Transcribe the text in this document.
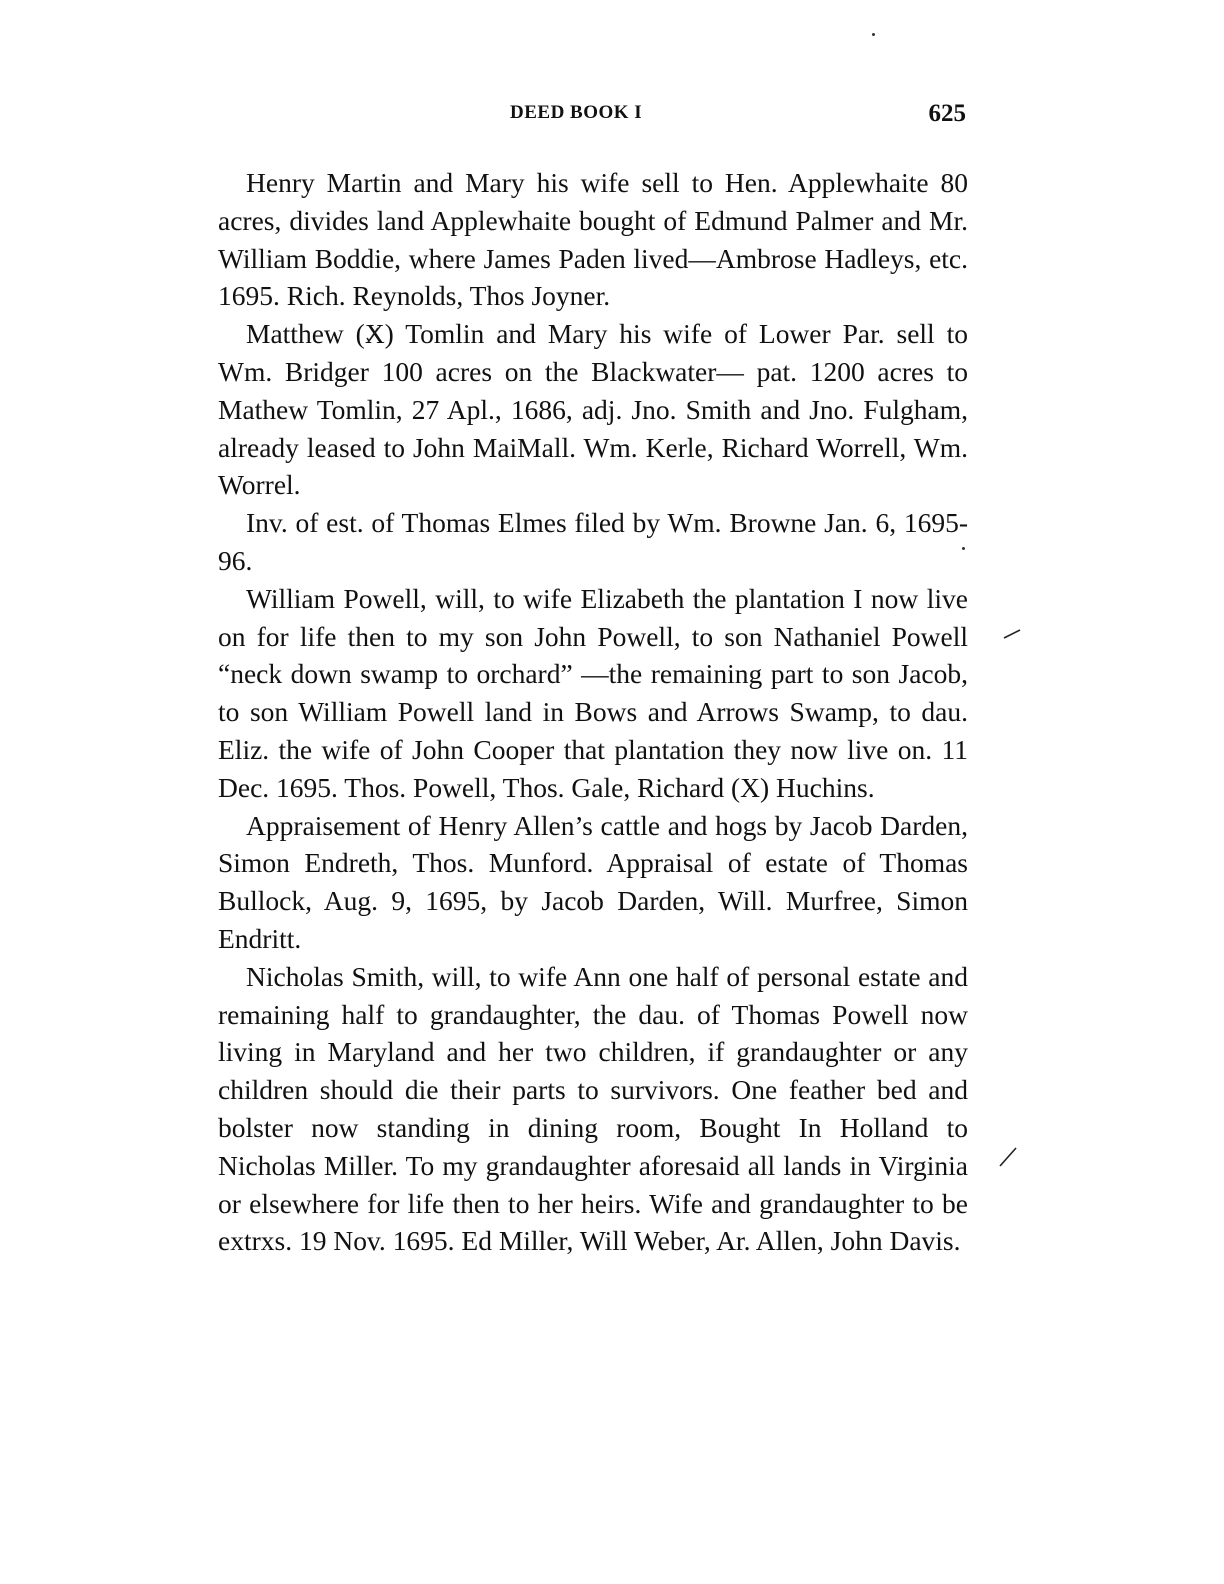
DEED BOOK I	625

Henry Martin and Mary his wife sell to Hen. Applewhaite 80 acres, divides land Applewhaite bought of Edmund Palmer and Mr. William Boddie, where James Paden lived—Ambrose Hadleys, etc. 1695. Rich. Reynolds, Thos Joyner.

Matthew (X) Tomlin and Mary his wife of Lower Par. sell to Wm. Bridger 100 acres on the Blackwater— pat. 1200 acres to Mathew Tomlin, 27 Apl., 1686, adj. Jno. Smith and Jno. Fulgham, already leased to John MaiMall. Wm. Kerle, Richard Worrell, Wm. Worrel.

Inv. of est. of Thomas Elmes filed by Wm. Browne Jan. 6, 1695-96.

William Powell, will, to wife Elizabeth the plantation I now live on for life then to my son John Powell, to son Nathaniel Powell “neck down swamp to orchard” —the remaining part to son Jacob, to son William Powell land in Bows and Arrows Swamp, to dau. Eliz. the wife of John Cooper that plantation they now live on. 11 Dec. 1695. Thos. Powell, Thos. Gale, Richard (X) Huchins.

Appraisement of Henry Allen’s cattle and hogs by Jacob Darden, Simon Endreth, Thos. Munford. Appraisal of estate of Thomas Bullock, Aug. 9, 1695, by Jacob Darden, Will. Murfree, Simon Endritt.

Nicholas Smith, will, to wife Ann one half of personal estate and remaining half to grandaughter, the dau. of Thomas Powell now living in Maryland and her two children, if grandaughter or any children should die their parts to survivors. One feather bed and bolster now standing in dining room, Bought In Holland to Nicholas Miller. To my grandaughter aforesaid all lands in Virginia or elsewhere for life then to her heirs. Wife and grandaughter to be extrxs. 19 Nov. 1695. Ed Miller, Will Weber, Ar. Allen, John Davis.
